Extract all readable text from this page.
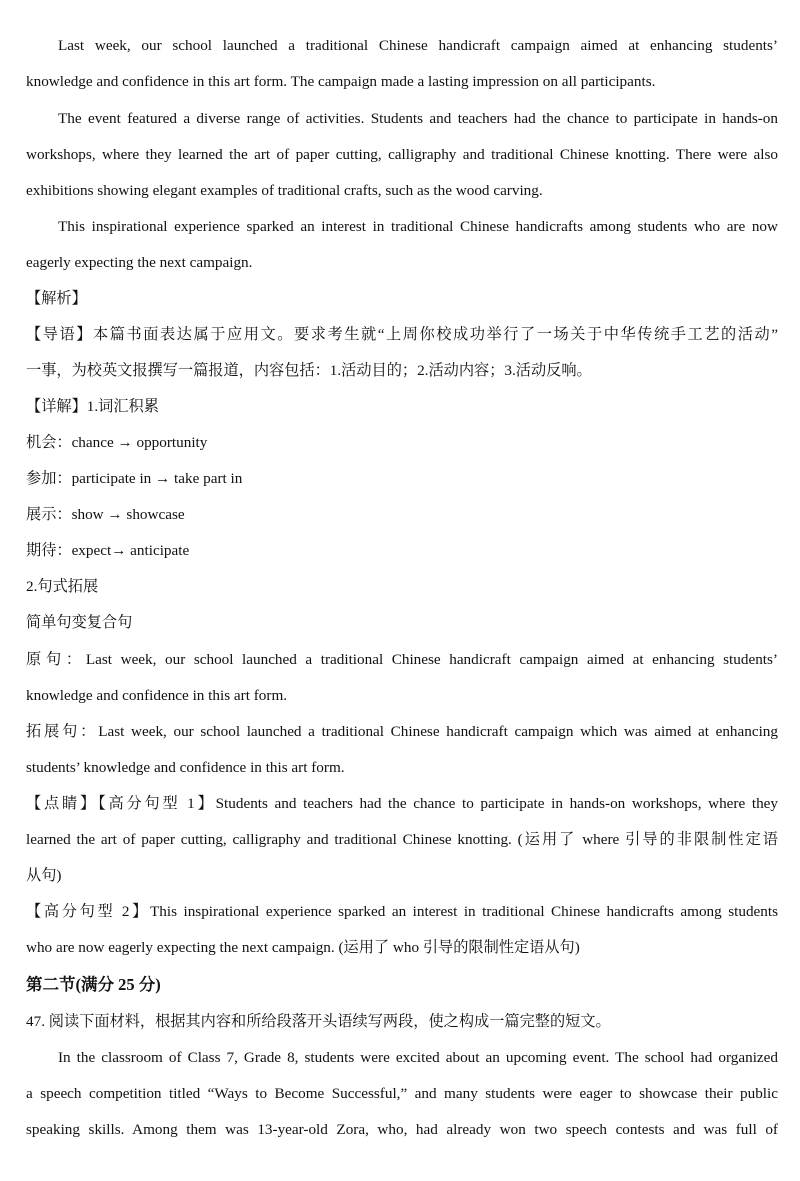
Last week, our school launched a traditional Chinese handicraft campaign aimed at enhancing students’
knowledge and confidence in this art form. The campaign made a lasting impression on all participants.
The event featured a diverse range of activities. Students and teachers had the chance to participate in hands-on
workshops, where they learned the art of paper cutting, calligraphy and traditional Chinese knotting. There were also
exhibitions showing elegant examples of traditional crafts, such as the wood carving.
This inspirational experience sparked an interest in traditional Chinese handicrafts among students who are now
eagerly expecting the next campaign.
【解析】
【导语】本篇书面表达属于应用文。要求考生就“上周你校成功举行了一场关于中华传统手工艺的活动”
一事，为校英文报撰写一篇报道，内容包括：1.活动目的；2.活动内容；3.活动反响。
【详解】1.词汇积累
机会：chance → opportunity
参加：participate in → take part in
展示：show → showcase
期待：expect→ anticipate
2.句式拓展
简单句变复合句
原句：Last week, our school launched a traditional Chinese handicraft campaign aimed at enhancing students’
knowledge and confidence in this art form.
拓展句：Last week, our school launched a traditional Chinese handicraft campaign which was aimed at enhancing
students’ knowledge and confidence in this art form.
【点睛】【高分句型 1】Students and teachers had the chance to participate in hands-on workshops, where they
learned the art of paper cutting, calligraphy and traditional Chinese knotting. (运用了 where 引导的非限制性定语
从句)
【高分句型 2】This inspirational experience sparked an interest in traditional Chinese handicrafts among students
who are now eagerly expecting the next campaign. (运用了 who 引导的限制性定语从句)
第二节(满分 25 分)
47. 阅读下面材料，根据其内容和所给段落开头语续写两段，使之构成一篇完整的短文。
In the classroom of Class 7, Grade 8, students were excited about an upcoming event. The school had organized
a speech competition titled “Ways to Become Successful,” and many students were eager to showcase their public
speaking skills. Among them was 13-year-old Zora, who, had already won two speech contests and was full of
